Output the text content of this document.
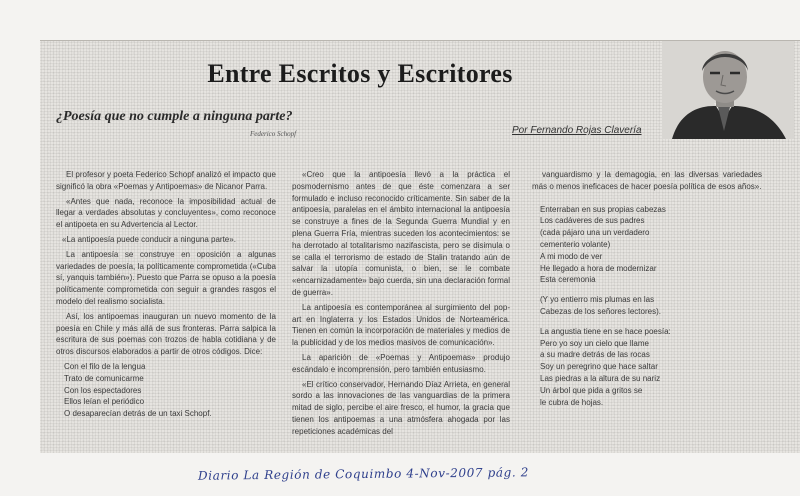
Entre Escritos y Escritores
¿Poesía que no cumple a ninguna parte?
Federico Schopf	Por Fernando Rojas Clavería

El profesor y poeta Federico Schopf analizó el impacto que significó la obra «Poemas y Antipoemas» de Nicanor Parra.

«Antes que nada, reconoce la imposibilidad actual de llegar a verdades absolutas y concluyentes», como reconoce el antipoeta en su Advertencia al Lector.

«La antipoesía puede conducir a ninguna parte».

La antipoesía se construye en oposición a algunas variedades de poesía, la políticamente comprometida («Cuba sí, yanquis también»). Puesto que Parra se opuso a la poesía políticamente comprometida con seguir a grandes rasgos el modelo del realismo socialista.

Así, los antipoemas inauguran un nuevo momento de la poesía en Chile y más allá de sus fronteras. Parra salpica la escritura de sus poemas con trozos de habla cotidiana y de otros discursos elaborados a partir de otros códigos. Dice:

Con el filo de la lengua

Trato de comunicarme

Con los espectadores

Ellos leían el periódico

O desaparecían detrás de un taxi Schopf.

«Creo que la antipoesía llevó a la práctica el posmodernismo antes de que éste comenzara a ser formulado e incluso reconocido críticamente. Sin saber de la antipoesía, paralelas en el ámbito internacional la antipoesía se construye a fines de la Segunda Guerra Mundial y en plena Guerra Fría, mientras suceden los acontecimientos: se ha derrotado al totalitarismo nazifascista, pero se disimula o se calla el terrorismo de estado de Stalin tratando aún de salvar la utopía comunista, o bien, se le combate «encarnizadamente» bajo cuerda, sin una declaración formal de guerra».

La antipoesía es contemporánea al surgimiento del pop-art en Inglaterra y los Estados Unidos de Norteamérica. Tienen en común la incorporación de materiales y medios de la publicidad y de los medios masivos de comunicación».

La aparición de «Poemas y Antipoemas» produjo escándalo e incomprensión, pero también entusiasmo.

«El crítico conservador, Hernando Díaz Arrieta, en general sordo a las innovaciones de las vanguardias de la primera mitad de siglo, percibe el aire fresco, el humor, la gracia que tienen los antipoemas a una atmósfera ahogada por las repeticiones académicas del

vanguardismo y la demagogia, en las diversas variedades más o menos ineficaces de hacer poesía política de esos años».

Enterraban en sus propias cabezas

Los cadáveres de sus padres

(cada pájaro una un verdadero

cementerio volante)

A mi modo de ver

He llegado a hora de modernizar

Esta ceremonia

(Y yo entierro mis plumas en las

Cabezas de los señores lectores).

La angustia tiene en se hace poesía:

Pero yo soy un cielo que llame

a su madre detrás de las rocas

Soy un peregrino que hace saltar

Las piedras a la altura de su nariz

Un árbol que pida a gritos se

le cubra de hojas.

Diario La Región de Coquimbo 4-Nov-2007 pág. 2
